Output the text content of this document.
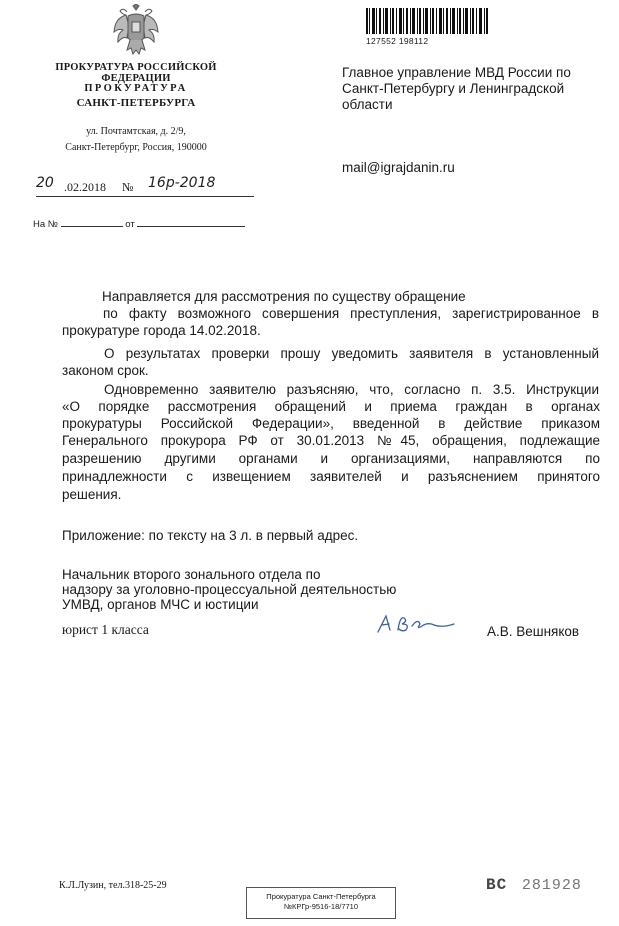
ПРОКУРАТУРА РОССИЙСКОЙ ФЕДЕРАЦИИ
ПРОКУРАТУРА
САНКТ-ПЕТЕРБУРГА
ул. Почтамтская, д. 2/9,
Санкт-Петербург, Россия, 190000
127552 198112
Главное управление МВД России по
Санкт-Петербургу и Ленинградской
области
mail@igrajdanin.ru
20 .02.2018 № 16р-2018
На №	от
Направляется для рассмотрения по существу обращение
по факту возможного совершения преступления, зарегистрированное в
прокуратуре города 14.02.2018.
О результатах проверки прошу уведомить заявителя в установленный
законом срок.
Одновременно заявителю разъясняю, что, согласно п. 3.5. Инструкции
«О порядке рассмотрения обращений и приема граждан в органах
прокуратуры Российской Федерации», введенной в действие приказом
Генерального прокурора РФ от 30.01.2013 №45, обращения, подлежащие
разрешению другими органами и организациями, направляются по
принадлежности с извещением заявителей и разъяснением принятого
решения.
Приложение: по тексту на 3 л. в первый адрес.
Начальник второго зонального отдела по
надзору за уголовно-процессуальной деятельностью
УМВД, органов МЧС и юстиции
юрист 1 класса	А.В. Вешняков
К.Л.Лузин, тел.318-25-29
Прокуратура Санкт-Петербурга
№КРГр-9516-18/7710
ВС 281928
